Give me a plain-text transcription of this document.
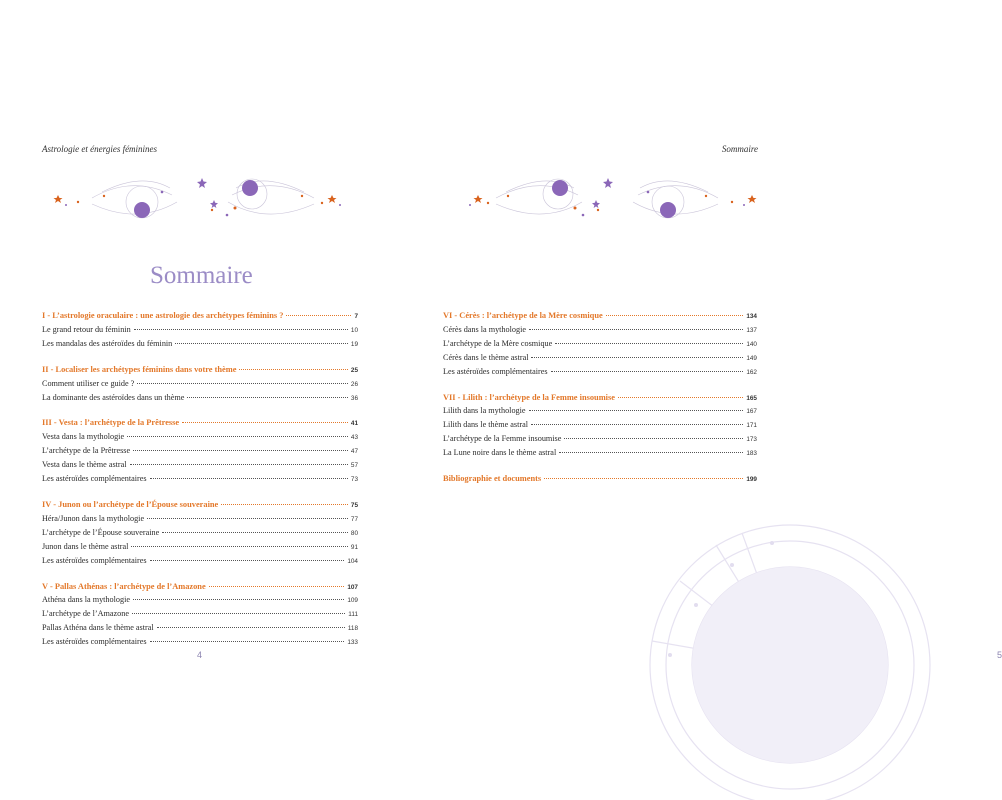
Astrologie et énergies féminines
Sommaire
I - L’astrologie oraculaire : une astrologie des archétypes féminins ?	7
Le grand retour du féminin	10
Les mandalas des astéroïdes du féminin	19
II - Localiser les archétypes féminins dans votre thème	25
Comment utiliser ce guide ?	26
La dominante des astéroïdes dans un thème	36
III - Vesta : l’archétype de la Prêtresse	41
Vesta dans la mythologie	43
L’archétype de la Prêtresse	47
Vesta dans le thème astral	57
Les astéroïdes complémentaires	73
IV - Junon ou l’archétype de l’Épouse souveraine	75
Héra/Junon dans la mythologie	77
L’archétype de l’Épouse souveraine	80
Junon dans le thème astral	91
Les astéroïdes complémentaires	104
V - Pallas Athénas : l’archétype de l’Amazone	107
Athéna dans la mythologie	109
L’archétype de l’Amazone	111
Pallas Athéna dans le thème astral	118
Les astéroïdes complémentaires	133
4
Sommaire
5
VI - Cérès : l’archétype de la Mère cosmique	134
Cérès dans la mythologie	137
L’archétype de la Mère cosmique	140
Cérès dans le thème astral	149
Les astéroïdes complémentaires	162
VII - Lilith : l’archétype de la Femme insoumise	165
Lilith dans la mythologie	167
Lilith dans le thème astral	171
L’archétype de la Femme insoumise	173
La Lune noire dans le thème astral	183
Bibliographie et documents	199
